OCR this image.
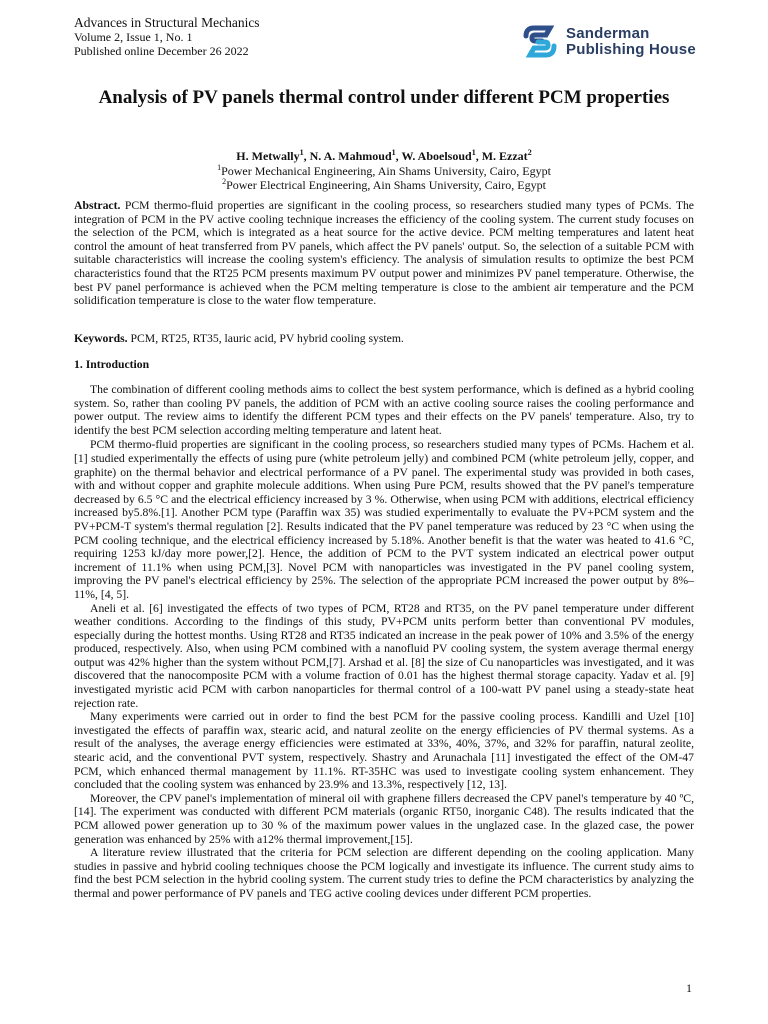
Advances in Structural Mechanics
Volume 2, Issue 1, No. 1
Published online December 26 2022
Sanderman
Publishing House
Analysis of PV panels thermal control under different PCM properties
H. Metwally$^1$, N. A. Mahmoud$^1$, W. Aboelsoud$^1$, M. Ezzat$^2$
$^1$Power Mechanical Engineering, Ain Shams University, Cairo, Egypt
$^2$Power Electrical Engineering, Ain Shams University, Cairo, Egypt
Abstract. PCM thermo-fluid properties are significant in the cooling process, so researchers studied many types of PCMs. The integration of PCM in the PV active cooling technique increases the efficiency of the cooling system. The current study focuses on the selection of the PCM, which is integrated as a heat source for the active device. PCM melting temperatures and latent heat control the amount of heat transferred from PV panels, which affect the PV panels' output. So, the selection of a suitable PCM with suitable characteristics will increase the cooling system's efficiency. The analysis of simulation results to optimize the best PCM characteristics found that the RT25 PCM presents maximum PV output power and minimizes PV panel temperature. Otherwise, the best PV panel performance is achieved when the PCM melting temperature is close to the ambient air temperature and the PCM solidification temperature is close to the water flow temperature.
Keywords. PCM, RT25, RT35, lauric acid, PV hybrid cooling system.
1. Introduction

The combination of different cooling methods aims to collect the best system performance, which is defined as a hybrid cooling system. So, rather than cooling PV panels, the addition of PCM with an active cooling source raises the cooling performance and power output. The review aims to identify the different PCM types and their effects on the PV panels' temperature. Also, try to identify the best PCM selection according melting temperature and latent heat.

PCM thermo-fluid properties are significant in the cooling process, so researchers studied many types of PCMs. Hachem et al. [1] studied experimentally the effects of using pure (white petroleum jelly) and combined PCM (white petroleum jelly, copper, and graphite) on the thermal behavior and electrical performance of a PV panel. The experimental study was provided in both cases, with and without copper and graphite molecule additions. When using Pure PCM, results showed that the PV panel's temperature decreased by 6.5 °C and the electrical efficiency increased by 3 %. Otherwise, when using PCM with additions, electrical efficiency increased by5.8%.[1]. Another PCM type (Paraffin wax 35) was studied experimentally to evaluate the PV+PCM system and the PV+PCM-T system's thermal regulation [2]. Results indicated that the PV panel temperature was reduced by 23 °C when using the PCM cooling technique, and the electrical efficiency increased by 5.18%. Another benefit is that the water was heated to 41.6 °C, requiring 1253 kJ/day more power,[2]. Hence, the addition of PCM to the PVT system indicated an electrical power output increment of 11.1% when using PCM,[3]. Novel PCM with nanoparticles was investigated in the PV panel cooling system, improving the PV panel's electrical efficiency by 25%. The selection of the appropriate PCM increased the power output by 8%–11%, [4, 5].

Aneli et al. [6] investigated the effects of two types of PCM, RT28 and RT35, on the PV panel temperature under different weather conditions. According to the findings of this study, PV+PCM units perform better than conventional PV modules, especially during the hottest months. Using RT28 and RT35 indicated an increase in the peak power of 10% and 3.5% of the energy produced, respectively. Also, when using PCM combined with a nanofluid PV cooling system, the system average thermal energy output was 42% higher than the system without PCM,[7]. Arshad et al. [8] the size of Cu nanoparticles was investigated, and it was discovered that the nanocomposite PCM with a volume fraction of 0.01 has the highest thermal storage capacity. Yadav et al. [9] investigated myristic acid PCM with carbon nanoparticles for thermal control of a 100-watt PV panel using a steady-state heat rejection rate.

Many experiments were carried out in order to find the best PCM for the passive cooling process. Kandilli and Uzel [10] investigated the effects of paraffin wax, stearic acid, and natural zeolite on the energy efficiencies of PV thermal systems. As a result of the analyses, the average energy efficiencies were estimated at 33%, 40%, 37%, and 32% for paraffin, natural zeolite, stearic acid, and the conventional PVT system, respectively. Shastry and Arunachala [11] investigated the effect of the OM-47 PCM, which enhanced thermal management by 11.1%. RT-35HC was used to investigate cooling system enhancement. They concluded that the cooling system was enhanced by 23.9% and 13.3%, respectively [12, 13].

Moreover, the CPV panel's implementation of mineral oil with graphene fillers decreased the CPV panel's temperature by 40 ºC,[14]. The experiment was conducted with different PCM materials (organic RT50, inorganic C48). The results indicated that the PCM allowed power generation up to 30 % of the maximum power values in the unglazed case. In the glazed case, the power generation was enhanced by 25% with a12% thermal improvement,[15].

A literature review illustrated that the criteria for PCM selection are different depending on the cooling application. Many studies in passive and hybrid cooling techniques choose the PCM logically and investigate its influence. The current study aims to find the best PCM selection in the hybrid cooling system. The current study tries to define the PCM characteristics by analyzing the thermal and power performance of PV panels and TEG active cooling devices under different PCM properties.

1
